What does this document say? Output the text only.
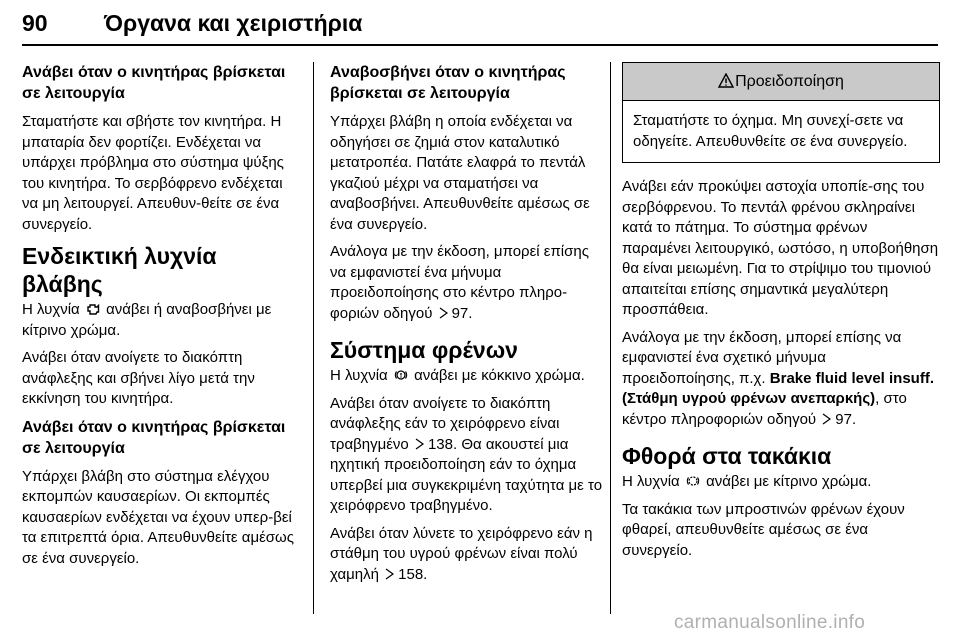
90 Όργανα και χειριστήρια
Ανάβει όταν ο κινητήρας βρίσκεται σε λειτουργία

Σταματήστε και σβήστε τον κινητήρα. Η μπαταρία δεν φορτίζει. Ενδέχεται να υπάρχει πρόβλημα στο σύστημα ψύξης του κινητήρα. Το σερβόφρενο ενδέχεται να μη λειτουργεί. Απευθυν-θείτε σε ένα συνεργείο.

Ενδεικτική λυχνία βλάβης

Η λυχνία ανάβει ή αναβοσβήνει με κίτρινο χρώμα.

Ανάβει όταν ανοίγετε το διακόπτη ανάφλεξης και σβήνει λίγο μετά την εκκίνηση του κινητήρα.

Ανάβει όταν ο κινητήρας βρίσκεται σε λειτουργία

Υπάρχει βλάβη στο σύστημα ελέγχου εκπομπών καυσαερίων. Οι εκπομπές καυσαερίων ενδέχεται να έχουν υπερ-βεί τα επιτρεπτά όρια. Απευθυνθείτε αμέσως σε ένα συνεργείο.

Αναβοσβήνει όταν ο κινητήρας βρίσκεται σε λειτουργία

Υπάρχει βλάβη η οποία ενδέχεται να οδηγήσει σε ζημιά στον καταλυτικό μετατροπέα. Πατάτε ελαφρά το πεντάλ γκαζιού μέχρι να σταματήσει να αναβοσβήνει. Απευθυνθείτε αμέσως σε ένα συνεργείο.

Ανάλογα με την έκδοση, μπορεί επίσης να εμφανιστεί ένα μήνυμα προειδοποίησης στο κέντρο πληρο-φοριών οδηγού 97.

Σύστημα φρένων

Η λυχνία ανάβει με κόκκινο χρώμα.

Ανάβει όταν ανοίγετε το διακόπτη ανάφλεξης εάν το χειρόφρενο είναι τραβηγμένο 138. Θα ακουστεί μια ηχητική προειδοποίηση εάν το όχημα υπερβεί μια συγκεκριμένη ταχύτητα με το χειρόφρενο τραβηγμένο.

Ανάβει όταν λύνετε το χειρόφρενο εάν η στάθμη του υγρού φρένων είναι πολύ χαμηλή 158.

Προειδοποίηση
Σταματήστε το όχημα. Μη συνεχί-σετε να οδηγείτε. Απευθυνθείτε σε ένα συνεργείο.

Ανάβει εάν προκύψει αστοχία υποπίε-σης του σερβόφρενου. Το πεντάλ φρένου σκληραίνει κατά το πάτημα. Το σύστημα φρένων παραμένει λειτουργικό, ωστόσο, η υποβοήθηση θα είναι μειωμένη. Για το στρίψιμο του τιμονιού απαιτείται επίσης σημαντικά μεγαλύτερη προσπάθεια.

Ανάλογα με την έκδοση, μπορεί επίσης να εμφανιστεί ένα σχετικό μήνυμα προειδοποίησης, π.χ. Brake fluid level insuff. (Στάθμη υγρού φρένων ανεπαρκής), στο κέντρο πληροφοριών οδηγού 97.

Φθορά στα τακάκια

Η λυχνία ανάβει με κίτρινο χρώμα.

Τα τακάκια των μπροστινών φρένων έχουν φθαρεί, απευθυνθείτε αμέσως σε ένα συνεργείο.

carmanualsonline.info
